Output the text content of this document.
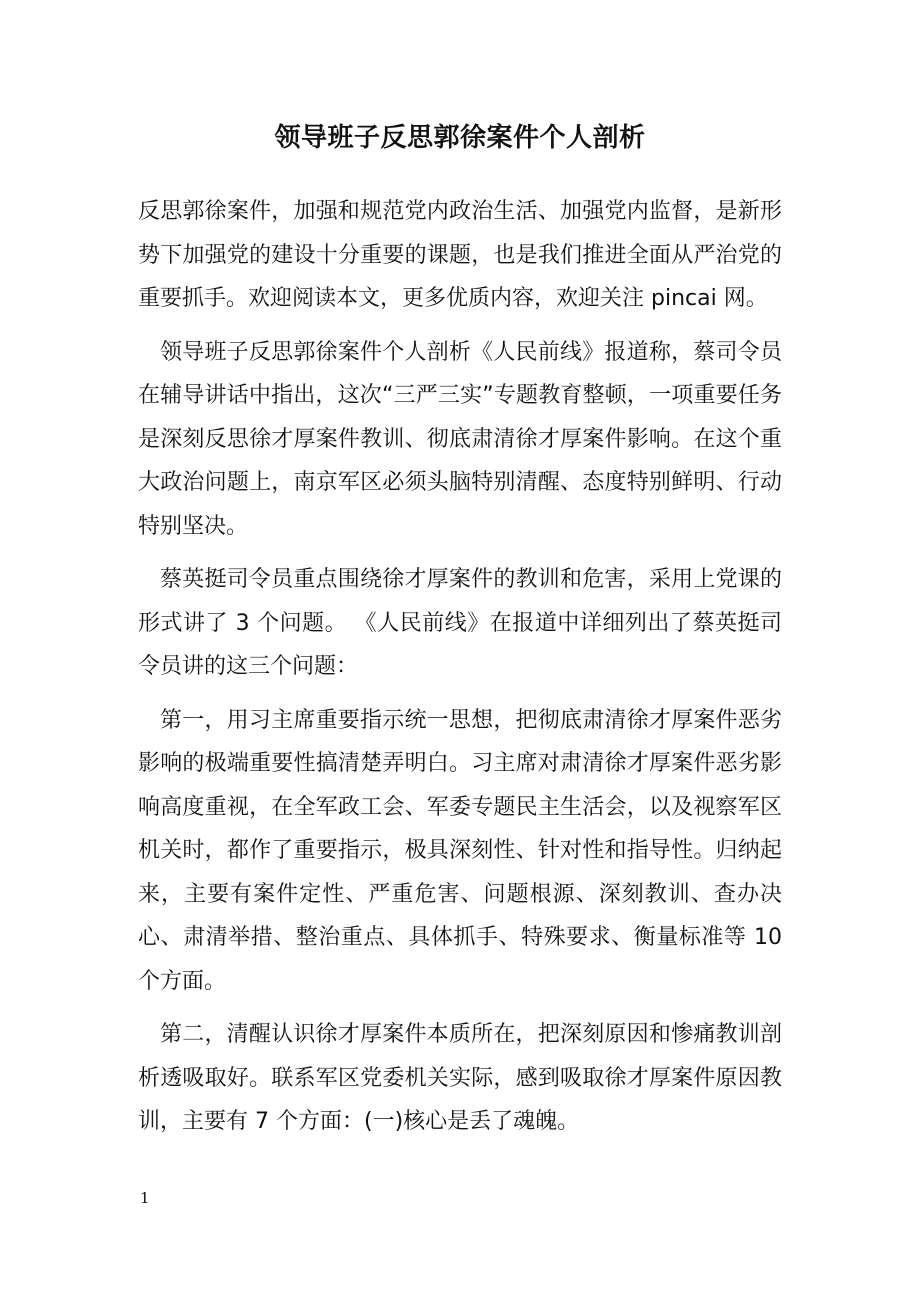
领导班子反思郭徐案件个人剖析

反思郭徐案件，加强和规范党内政治生活、加强党内监督，是新形势下加强党的建设十分重要的课题，也是我们推进全面从严治党的重要抓手。欢迎阅读本文，更多优质内容，欢迎关注 pincai 网。

领导班子反思郭徐案件个人剖析《人民前线》报道称，蔡司令员在辅导讲话中指出，这次“三严三实”专题教育整顿，一项重要任务是深刻反思徐才厚案件教训、彻底肃清徐才厚案件影响。在这个重大政治问题上，南京军区必须头脑特别清醒、态度特别鲜明、行动特别坚决。

蔡英挺司令员重点围绕徐才厚案件的教训和危害，采用上党课的形式讲了 3 个问题。 《人民前线》在报道中详细列出了蔡英挺司令员讲的这三个问题：

第一，用习主席重要指示统一思想，把彻底肃清徐才厚案件恶劣影响的极端重要性搞清楚弄明白。习主席对肃清徐才厚案件恶劣影响高度重视，在全军政工会、军委专题民主生活会，以及视察军区机关时，都作了重要指示，极具深刻性、针对性和指导性。归纳起来，主要有案件定性、严重危害、问题根源、深刻教训、查办决心、肃清举措、整治重点、具体抓手、特殊要求、衡量标准等 10 个方面。

第二，清醒认识徐才厚案件本质所在，把深刻原因和惨痛教训剖析透吸取好。联系军区党委机关实际，感到吸取徐才厚案件原因教训，主要有 7 个方面：(一)核心是丢了魂魄。

1
